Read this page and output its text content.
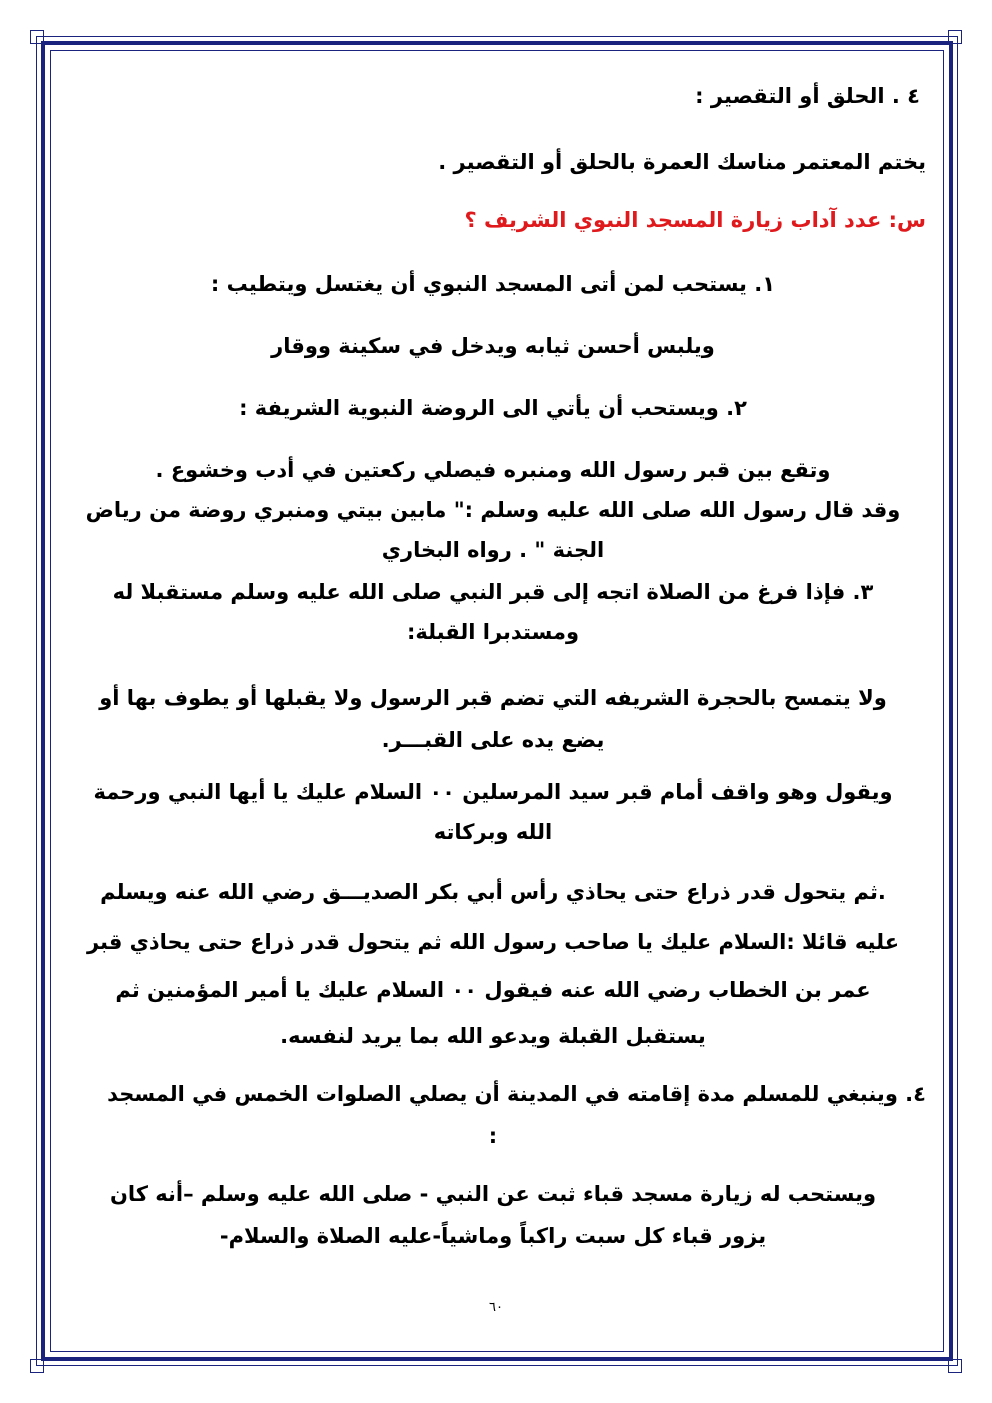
٤ . الحلق أو التقصير :
يختم المعتمر مناسك العمرة بالحلق أو التقصير .
س: عدد آداب زيارة المسجد النبوي الشريف ؟
١. يستحب لمن أتى المسجد النبوي أن يغتسل ويتطيب :
ويلبس أحسن ثيابه ويدخل في سكينة ووقار
٢. ويستحب أن يأتي الى الروضة النبوية الشريفة :
وتقع بين قبر رسول الله ومنبره فيصلي ركعتين في أدب وخشوع .
وقد قال رسول الله صلى الله عليه وسلم :" مابين بيتي ومنبري روضة من رياض
الجنة " . رواه البخاري
٣. فإذا فرغ من الصلاة اتجه إلى قبر النبي صلى الله عليه وسلم مستقبلا له
ومستدبرا القبلة:
ولا يتمسح بالحجرة الشريفه التي تضم قبر الرسول ولا يقبلها أو يطوف بها أو
يضع يده على القبـــر.
ويقول وهو واقف أمام قبر سيد المرسلين ٠٠ السلام عليك يا أيها النبي ورحمة
الله وبركاته
.ثم يتحول قدر ذراع حتى يحاذي رأس أبي بكر الصديـــق رضي الله عنه ويسلم
عليه قائلا :السلام عليك يا صاحب رسول الله ثم يتحول قدر ذراع حتى يحاذي قبر
عمر بن الخطاب رضي الله عنه فيقول ٠٠ السلام عليك يا أمير المؤمنين ثم
يستقبل القبلة ويدعو الله بما يريد لنفسه.
٤. وينبغي للمسلم مدة إقامته في المدينة أن يصلي الصلوات الخمس في المسجد
:
ويستحب له زيارة مسجد قباء ثبت عن النبي - صلى الله عليه وسلم –أنه كان
يزور قباء كل سبت راكباً وماشياً-عليه الصلاة والسلام-
٦٠
